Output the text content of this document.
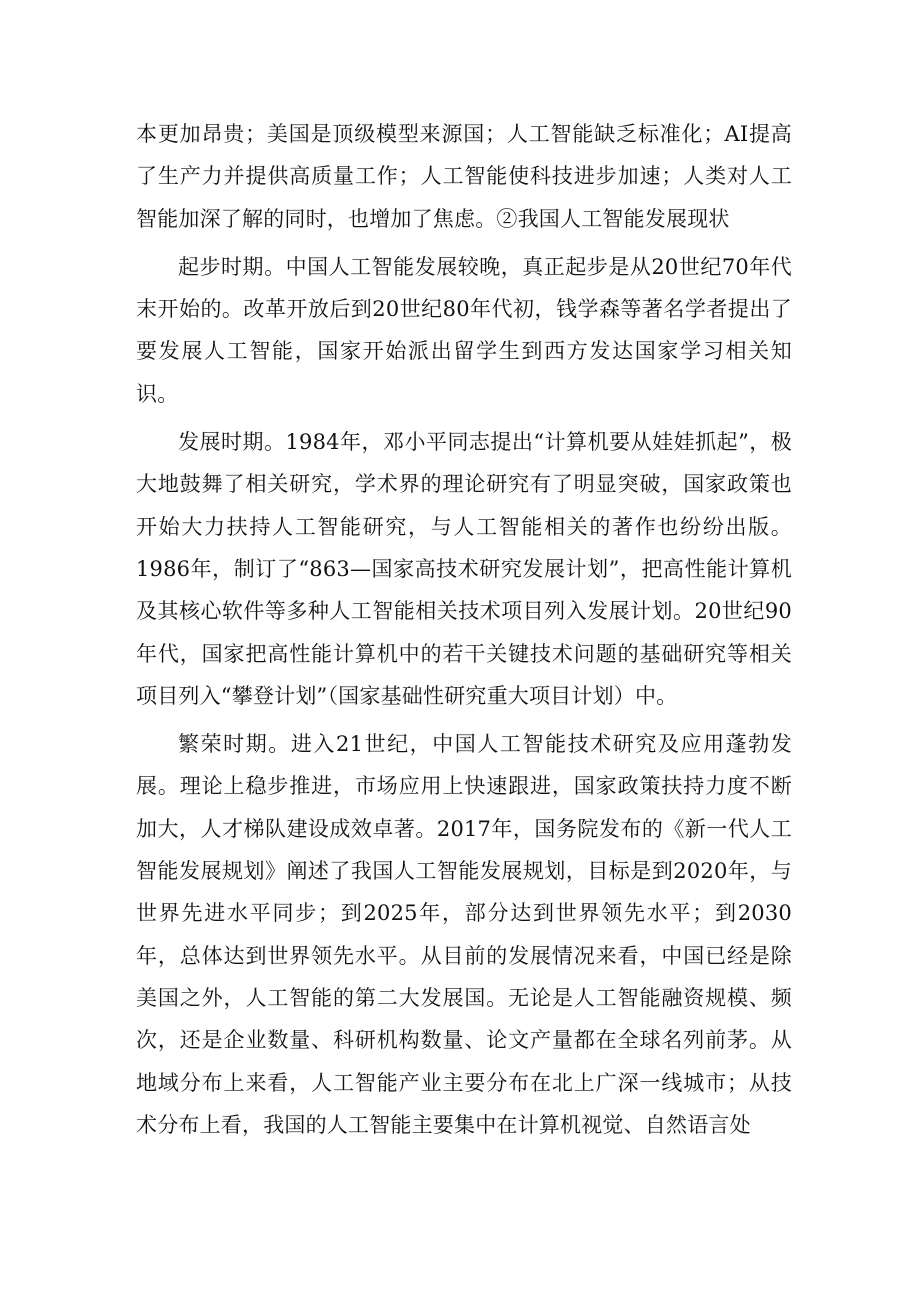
本更加昂贵；美国是顶级模型来源国；人工智能缺乏标准化；AI提高了生产力并提供高质量工作；人工智能使科技进步加速；人类对人工智能加深了解的同时，也增加了焦虑。②我国人工智能发展现状

起步时期。中国人工智能发展较晚，真正起步是从20世纪70年代末开始的。改革开放后到20世纪80年代初，钱学森等著名学者提出了要发展人工智能，国家开始派出留学生到西方发达国家学习相关知识。

发展时期。1984年，邓小平同志提出“计算机要从娃娃抓起”，极大地鼓舞了相关研究，学术界的理论研究有了明显突破，国家政策也开始大力扶持人工智能研究，与人工智能相关的著作也纷纷出版。1986年，制订了“863—国家高技术研究发展计划”，把高性能计算机及其核心软件等多种人工智能相关技术项目列入发展计划。20世纪90年代，国家把高性能计算机中的若干关键技术问题的基础研究等相关项目列入“攀登计划”（国家基础性研究重大项目计划）中。

繁荣时期。进入21世纪，中国人工智能技术研究及应用蓬勃发展。理论上稳步推进，市场应用上快速跟进，国家政策扶持力度不断加大，人才梯队建设成效卓著。2017年，国务院发布的《新一代人工智能发展规划》阐述了我国人工智能发展规划，目标是到2020年，与世界先进水平同步；到2025年，部分达到世界领先水平；到2030年，总体达到世界领先水平。从目前的发展情况来看，中国已经是除美国之外，人工智能的第二大发展国。无论是人工智能融资规模、频次，还是企业数量、科研机构数量、论文产量都在全球名列前茅。从地域分布上来看，人工智能产业主要分布在北上广深一线城市；从技术分布上看，我国的人工智能主要集中在计算机视觉、自然语言处
